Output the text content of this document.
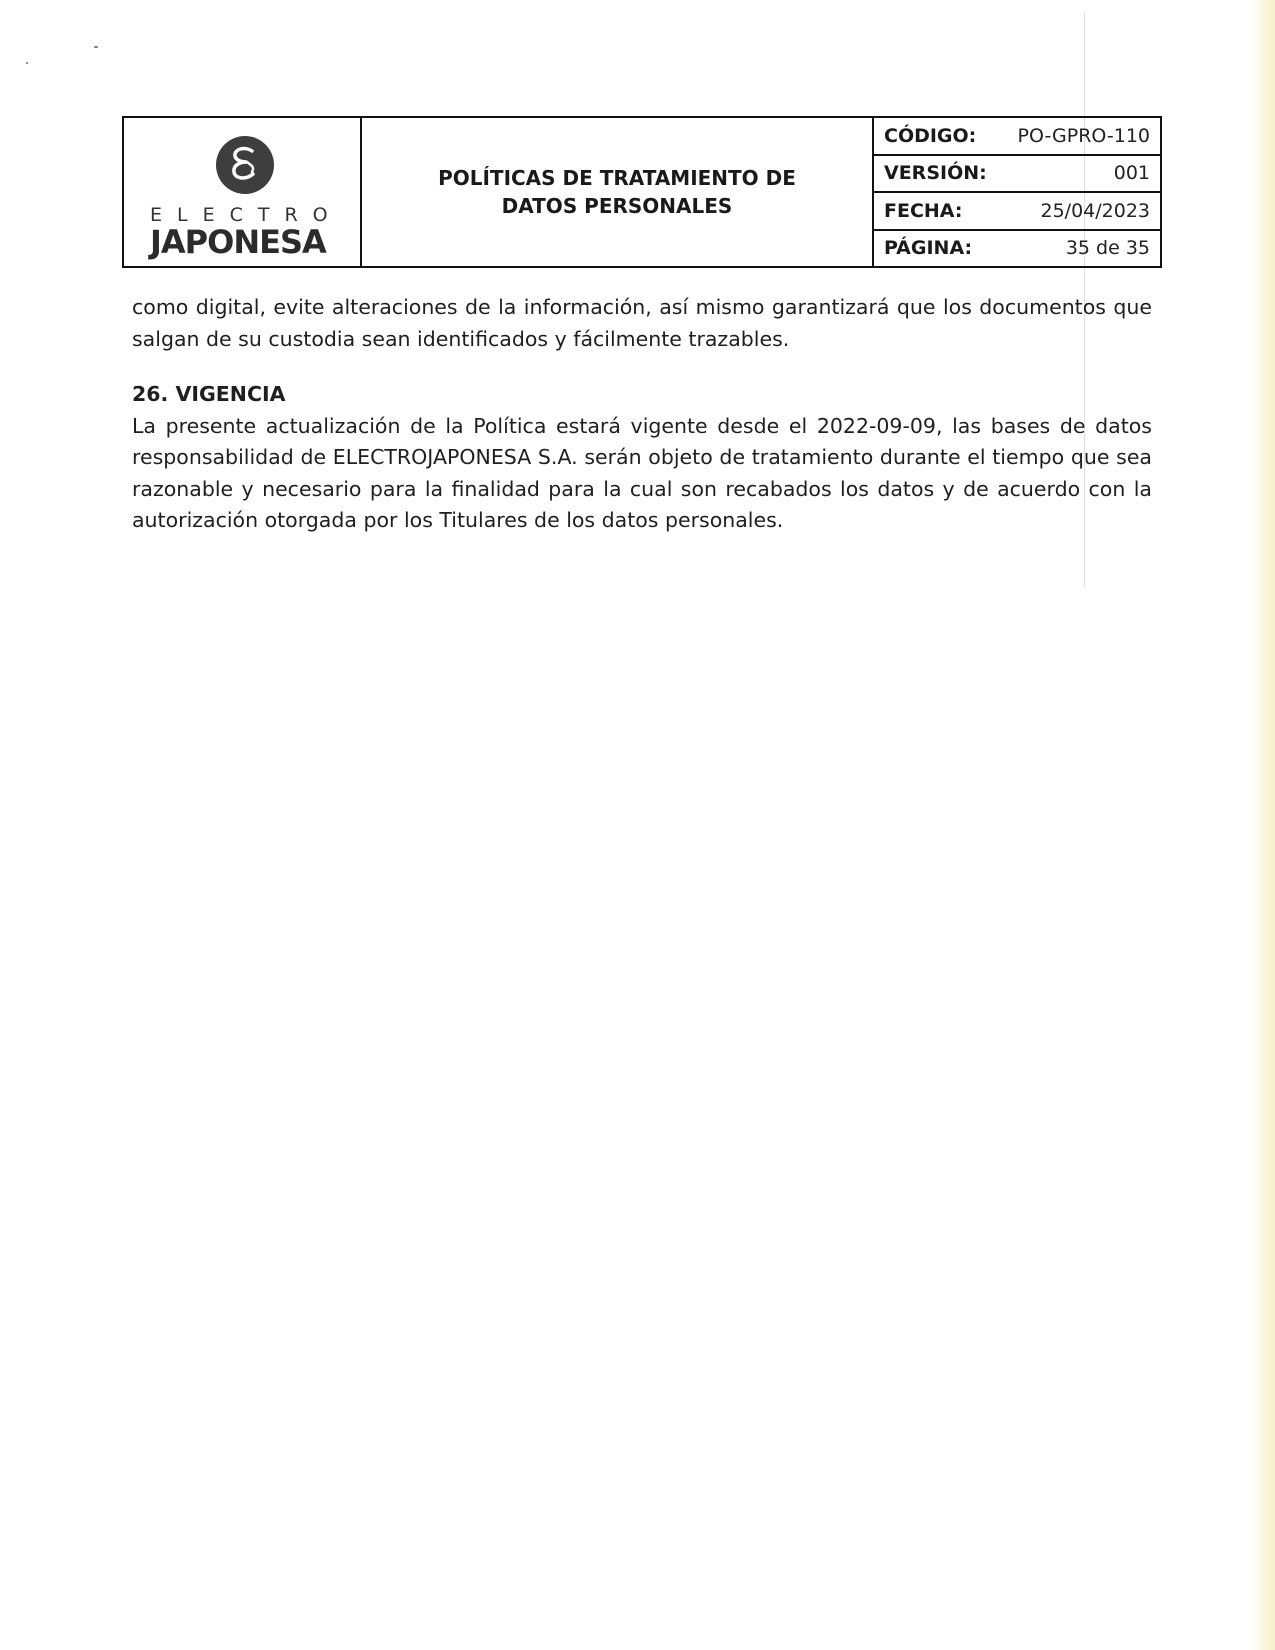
ELECTRO
JAPONESA
POLÍTICAS DE TRATAMIENTO DE DATOS PERSONALES
CÓDIGO: PO-GPRO-110
VERSIÓN:	001
FECHA:	25/04/2023
PÁGINA:	35 de 35

como digital, evite alteraciones de la información, así mismo garantizará que los documentos que salgan de su custodia sean identificados y fácilmente trazables.

26. VIGENCIA

La presente actualización de la Política estará vigente desde el 2022-09-09, las bases de datos responsabilidad de ELECTROJAPONESA S.A. serán objeto de tratamiento durante el tiempo que sea razonable y necesario para la finalidad para la cual son recabados los datos y de acuerdo con la autorización otorgada por los Titulares de los datos personales.
